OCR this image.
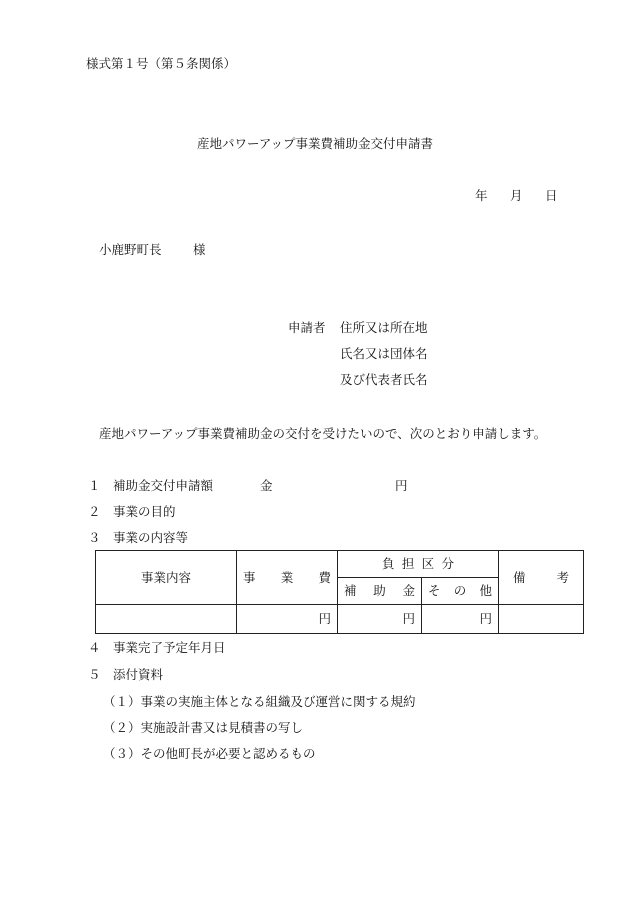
様式第１号（第５条関係）
産地パワーアップ事業費補助金交付申請書
年 月 日
小鹿野町長	様
申請者 住所又は所在地
氏名又は団体名
及び代表者氏名
産地パワーアップ事業費補助金の交付を受けたいので、次のとおり申請します。
１ 補助金交付申請額	金	円
２ 事業の目的
３ 事業の内容等
事業内容	事 業 費	負 担 区 分		備 考

		補 助 金	そ の 他	

	円	円	円	
４ 事業完了予定年月日
５ 添付資料
（１）事業の実施主体となる組織及び運営に関する規約
（２）実施設計書又は見積書の写し
（３）その他町長が必要と認めるもの
